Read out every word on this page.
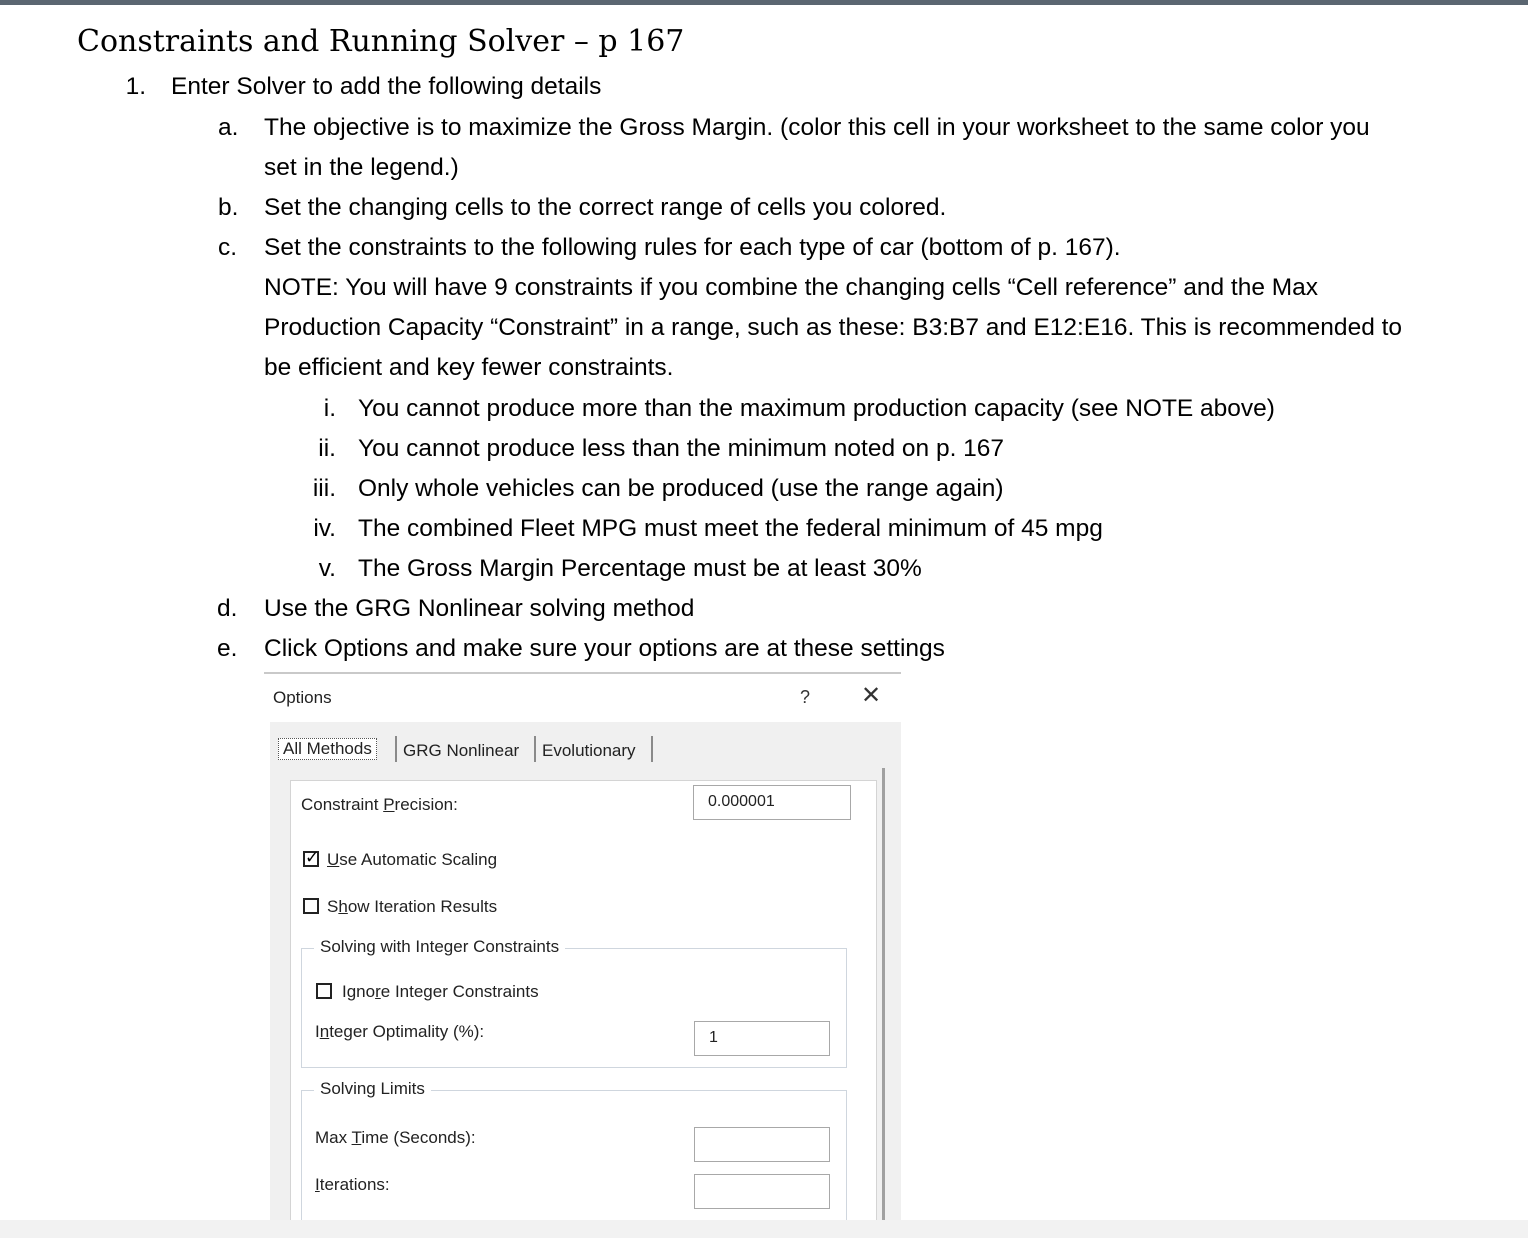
Constraints and Running Solver – p 167
1. Enter Solver to add the following details
a. The objective is to maximize the Gross Margin. (color this cell in your worksheet to the same color you
set in the legend.)
b. Set the changing cells to the correct range of cells you colored.
c. Set the constraints to the following rules for each type of car (bottom of p. 167).
NOTE: You will have 9 constraints if you combine the changing cells “Cell reference” and the Max
Production Capacity “Constraint” in a range, such as these: B3:B7 and E12:E16. This is recommended to
be efficient and key fewer constraints.
i. You cannot produce more than the maximum production capacity (see NOTE above)
ii. You cannot produce less than the minimum noted on p. 167
iii. Only whole vehicles can be produced (use the range again)
iv. The combined Fleet MPG must meet the federal minimum of 45 mpg
v. The Gross Margin Percentage must be at least 30%
d. Use the GRG Nonlinear solving method
e. Click Options and make sure your options are at these settings
Options	? ✕
All Methods GRG Nonlinear Evolutionary
Constraint Precision:	0.000001
✓ Use Automatic Scaling
Show Iteration Results
Solving with Integer Constraints
Ignore Integer Constraints
Integer Optimality (%):	1
Solving Limits
Max Time (Seconds):
Iterations:
